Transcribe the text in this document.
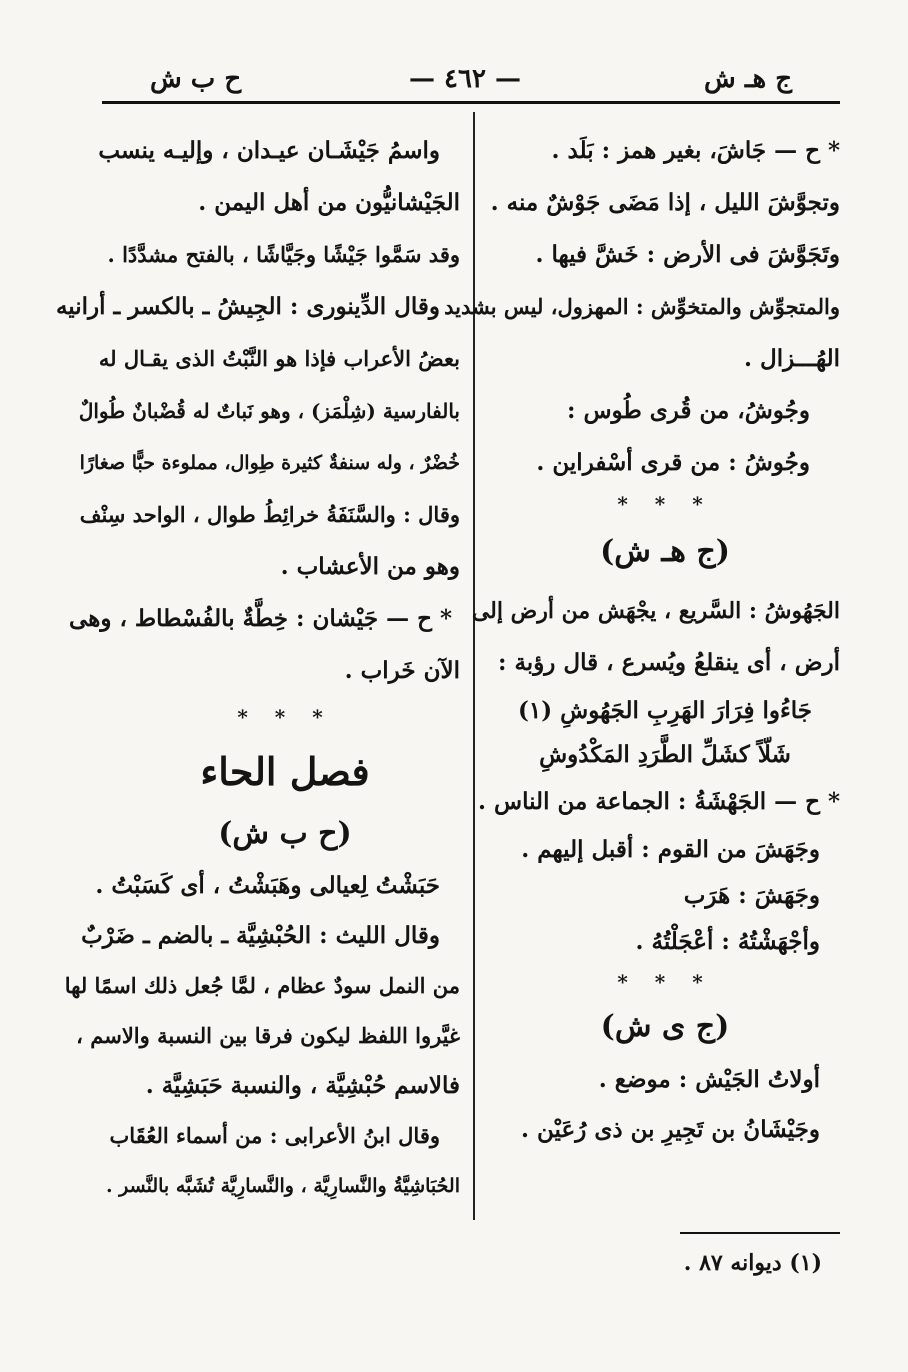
ج هـ ش
— ٤٦٢ —
ح ب ش
* ح — جَاشَ، بغير همز : بَلَد .
وتجوَّشَ الليل ، إذا مَضَى جَوْشٌ منه .
وتَجَوَّشَ فى الأرض : خَشَّ فيها .
والمتجوِّش والمتخوِّش : المهزول، ليس بشديد
الهُـــزال .
وجُوشُ، من قُرى طُوس :
وجُوشُ : من قرى أسْفراين .
* * *
(ج هـ ش)
الجَهُوشُ : السَّريع ، يجْهَش من أرض إلى
أرض ، أى ينقلعُ ويُسرع ، قال رؤبة :
جَاءُوا فِرَارَ الهَرِبِ الجَهُوشِ (١)
شَلّاً كشَلِّ الطَّرَدِ المَكْدُوشِ
* ح — الجَهْشَةُ : الجماعة من الناس .
وجَهَشَ من القوم : أقبل إليهم .
وجَهَشَ : هَرَب
وأجْهَشْتُهُ : أعْجَلْتُهُ .
* * *
(ج ى ش)
أولاتُ الجَيْش : موضع .
وجَيْشَانُ بن تَجِيرِ بن ذى رُعَيْن .
واسمُ جَيْشَـان عيـدان ، وإليـه ينسب
الجَيْشانيُّون من أهل اليمن .
وقد سَمَّوا جَيْشًا وجَيَّاشًا ، بالفتح مشدَّدًا .
وقال الدِّينورى : الجِيشُ ـ بالكسر ـ أرانيه
بعضُ الأعراب فإذا هو النَّبْتُ الذى يقـال له
بالفارسية (شِلْمَز) ، وهو نَباتٌ له قُضْبانٌ طُوالٌ
خُضْرٌ ، وله سنفةٌ كثيرة طِوال، مملوءة حبًّا صغارًا
وقال : والسَّنَفَةُ خرائِطُ طوال ، الواحد سِنْف
وهو من الأعشاب .
* ح — جَيْشان : خِطَّةٌ بالفُسْطاط ، وهى
الآن خَراب .
* * *
فصل الحاء
(ح ب ش)
حَبَشْتُ لِعيالى وهَبَشْتُ ، أى كَسَبْتُ .
وقال الليث : الحُبْشِيَّة ـ بالضم ـ ضَرْبٌ
من النمل سودٌ عظام ، لمَّا جُعل ذلك اسمًا لها
غيَّروا اللفظ ليكون فرقا بين النسبة والاسم ،
فالاسم حُبْشِيَّة ، والنسبة حَبَشِيَّة .
وقال ابنُ الأعرابى : من أسماء العُقَاب
الحُبَاشِيَّةُ والنَّسارِيَّة ، والنَّسارِيَّة تُشَبَّه بالنَّسر .
(١) ديوانه ٨٧ .
